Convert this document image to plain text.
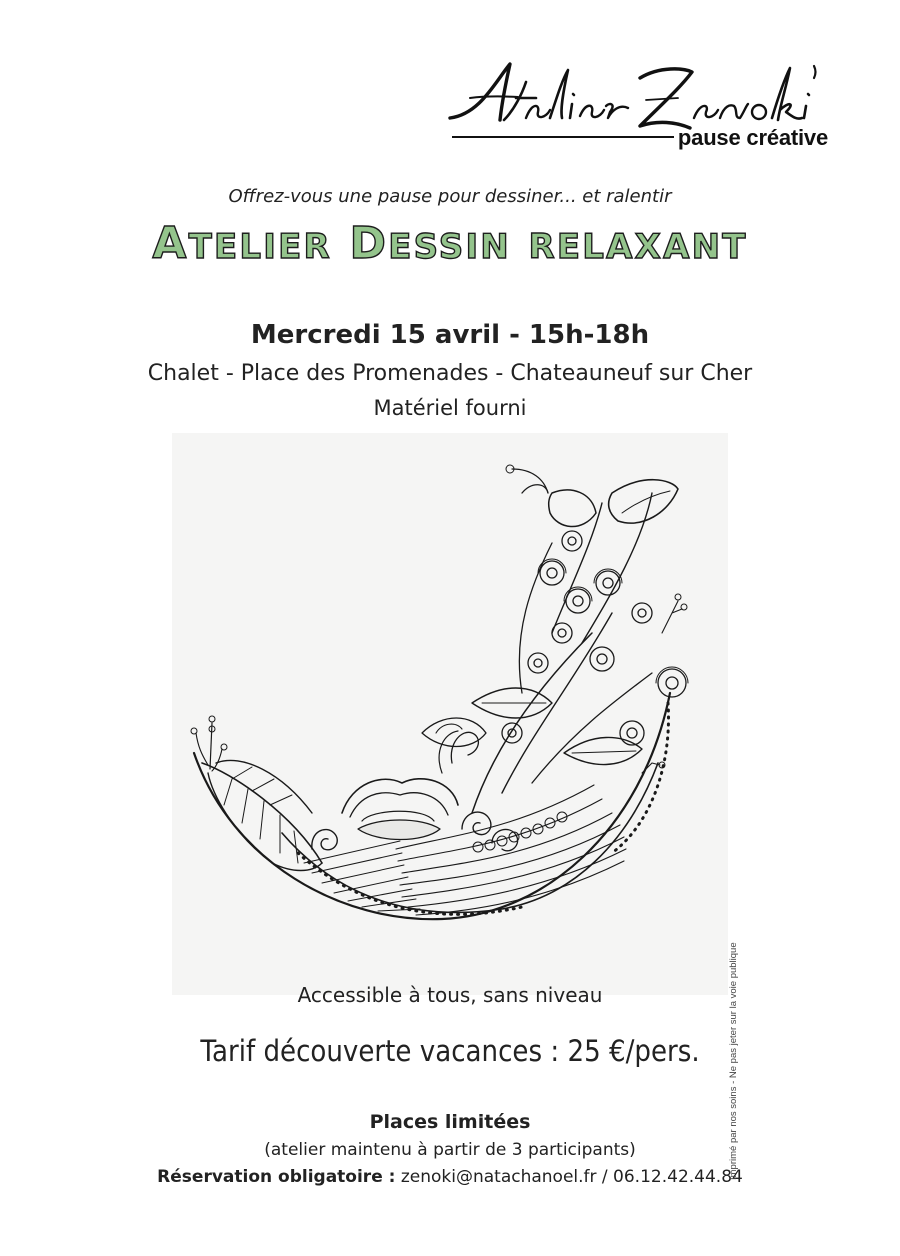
pause créative
Offrez-vous une pause pour dessiner... et ralentir
ATELIER DESSIN RELAXANT
Mercredi 15 avril - 15h-18h
Chalet - Place des Promenades - Chateauneuf sur Cher
Matériel fourni
Accessible à tous, sans niveau
Tarif découverte vacances : 25 €/pers.
Places limitées
(atelier maintenu à partir de 3 participants)
Réservation obligatoire : zenoki@natachanoel.fr / 06.12.42.44.84
Imprimé par nos soins - Ne pas jeter sur la voie publique
